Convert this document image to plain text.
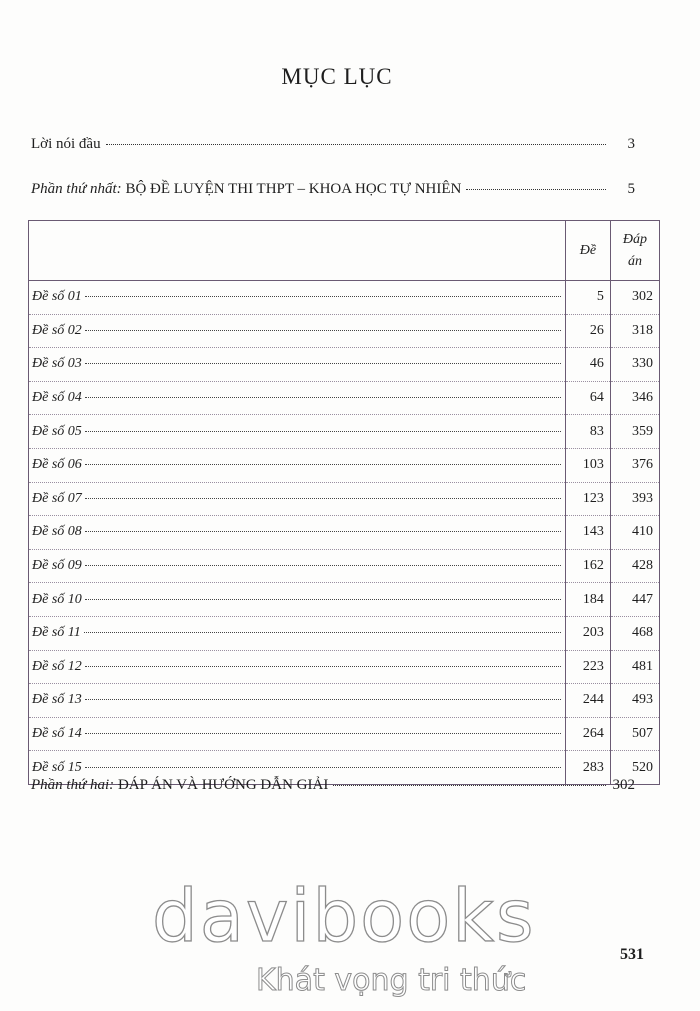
MỤC LỤC
Lời nói đầu	3
Phần thứ nhất: BỘ ĐỀ LUYỆN THI THPT – KHOA HỌC TỰ NHIÊN	5
	Đề	Đáp
án

Đề số 01	5	302

Đề số 02	26	318

Đề số 03	46	330

Đề số 04	64	346

Đề số 05	83	359

Đề số 06	103	376

Đề số 07	123	393

Đề số 08	143	410

Đề số 09	162	428

Đề số 10	184	447

Đề số 11	203	468

Đề số 12	223	481

Đề số 13	244	493

Đề số 14	264	507

Đề số 15	283	520
Phần thứ hai: ĐÁP ÁN VÀ HƯỚNG DẪN GIẢI	302
davibooks	531
Khát vọng tri thức
